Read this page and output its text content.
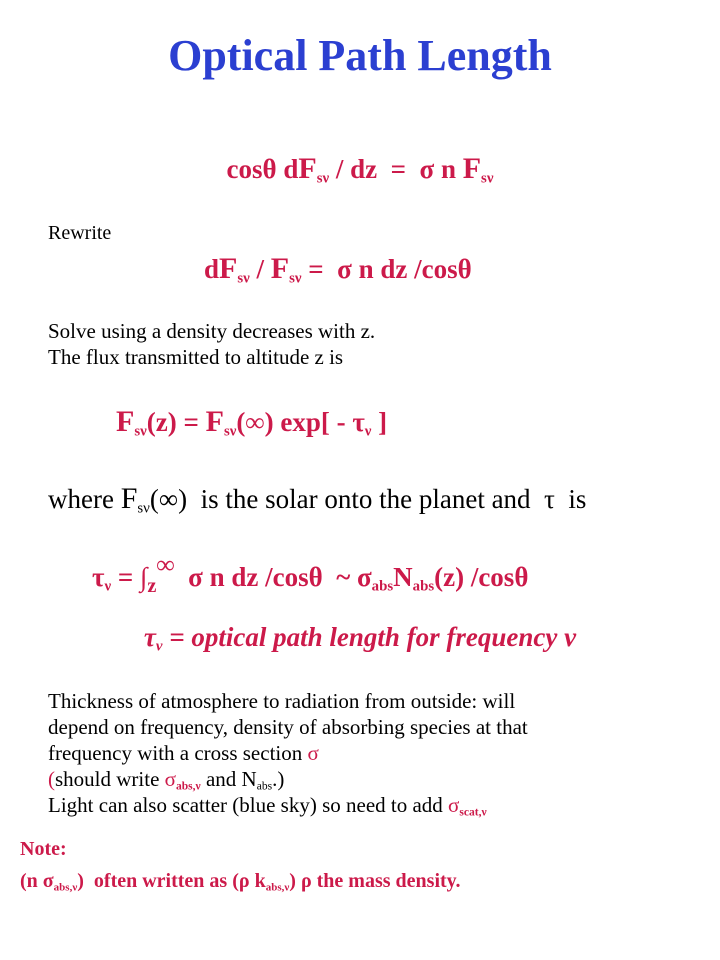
Optical Path Length
cosθ $dF_{s\nu}$ / dz  =  σ n $F_{s\nu}$
Rewrite
$dF_{s\nu} / F_{s\nu} = \sigma$ n dz /cosθ
Solve using a density decreases with z.
The flux transmitted to altitude z is
$F_{s\nu}(z) = F_{s\nu}(\infty)$ $\exp[ - \tau_\nu$ ]
where $F_{s\nu}(\infty)$  is the solar onto the planet and  τ  is
$\tau_\nu = \int_z\infty$  σ n dz /cosθ  ~ $\sigma_{abs}N_{abs}(z)$ /cosθ
$\tau_\nu$ = optical path length for frequency ν
Thickness of atmosphere to radiation from outside: will
depend on frequency, density of absorbing species at that
frequency with a cross section σ
(should write $\sigma_{abs,\nu}$ and $N_{abs}$.)
Light can also scatter (blue sky) so need to add $\sigma_{scat,\nu}$
Note:
(n $\sigma_{abs,\nu}$)  often written as (ρ $k_{abs,\nu}$) ρ the mass density.
